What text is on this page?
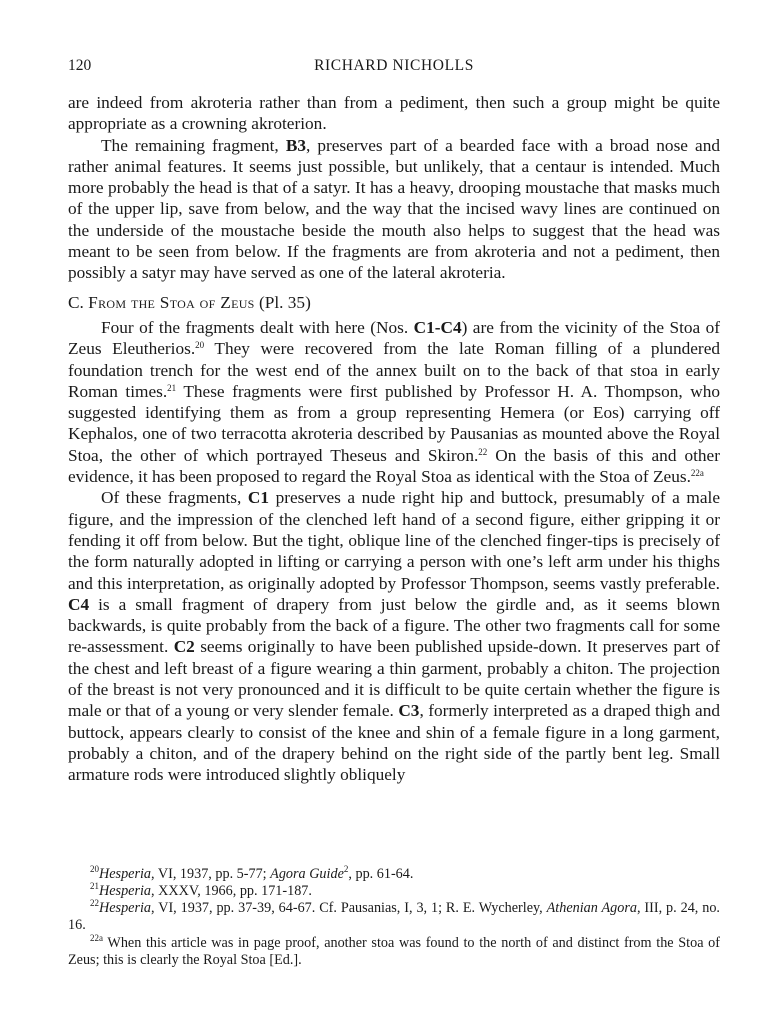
120	RICHARD NICHOLLS

are indeed from akroteria rather than from a pediment, then such a group might be quite appropriate as a crowning akroterion.

The remaining fragment, B3, preserves part of a bearded face with a broad nose and rather animal features. It seems just possible, but unlikely, that a centaur is intended. Much more probably the head is that of a satyr. It has a heavy, drooping moustache that masks much of the upper lip, save from below, and the way that the incised wavy lines are continued on the underside of the moustache beside the mouth also helps to suggest that the head was meant to be seen from below. If the fragments are from akroteria and not a pediment, then possibly a satyr may have served as one of the lateral akroteria.

C. From the Stoa of Zeus (Pl. 35)

Four of the fragments dealt with here (Nos. C1-C4) are from the vicinity of the Stoa of Zeus Eleutherios.$^{20}$ They were recovered from the late Roman filling of a plundered foundation trench for the west end of the annex built on to the back of that stoa in early Roman times.$^{21}$ These fragments were first published by Professor H. A. Thompson, who suggested identifying them as from a group representing Hemera (or Eos) carrying off Kephalos, one of two terracotta akroteria described by Pausanias as mounted above the Royal Stoa, the other of which portrayed Theseus and Skiron.$^{22}$ On the basis of this and other evidence, it has been proposed to regard the Royal Stoa as identical with the Stoa of Zeus.$^{22a}$

Of these fragments, C1 preserves a nude right hip and buttock, presumably of a male figure, and the impression of the clenched left hand of a second figure, either gripping it or fending it off from below. But the tight, oblique line of the clenched finger-tips is precisely of the form naturally adopted in lifting or carrying a person with one’s left arm under his thighs and this interpretation, as originally adopted by Professor Thompson, seems vastly preferable. C4 is a small fragment of drapery from just below the girdle and, as it seems blown backwards, is quite probably from the back of a figure. The other two fragments call for some re-assessment. C2 seems originally to have been published upside-down. It preserves part of the chest and left breast of a figure wearing a thin garment, probably a chiton. The projection of the breast is not very pronounced and it is difficult to be quite certain whether the figure is male or that of a young or very slender female. C3, formerly interpreted as a draped thigh and buttock, appears clearly to consist of the knee and shin of a female figure in a long garment, probably a chiton, and of the drapery behind on the right side of the partly bent leg. Small armature rods were introduced slightly obliquely

$^{20}$Hesperia, VI, 1937, pp. 5-77; Agora Guide$^2$, pp. 61-64.

$^{21}$Hesperia, XXXV, 1966, pp. 171-187.

$^{22}$Hesperia, VI, 1937, pp. 37-39, 64-67. Cf. Pausanias, I, 3, 1; R. E. Wycherley, Athenian Agora, III, p. 24, no. 16.

$^{22a}$ When this article was in page proof, another stoa was found to the north of and distinct from the Stoa of Zeus; this is clearly the Royal Stoa [Ed.].
